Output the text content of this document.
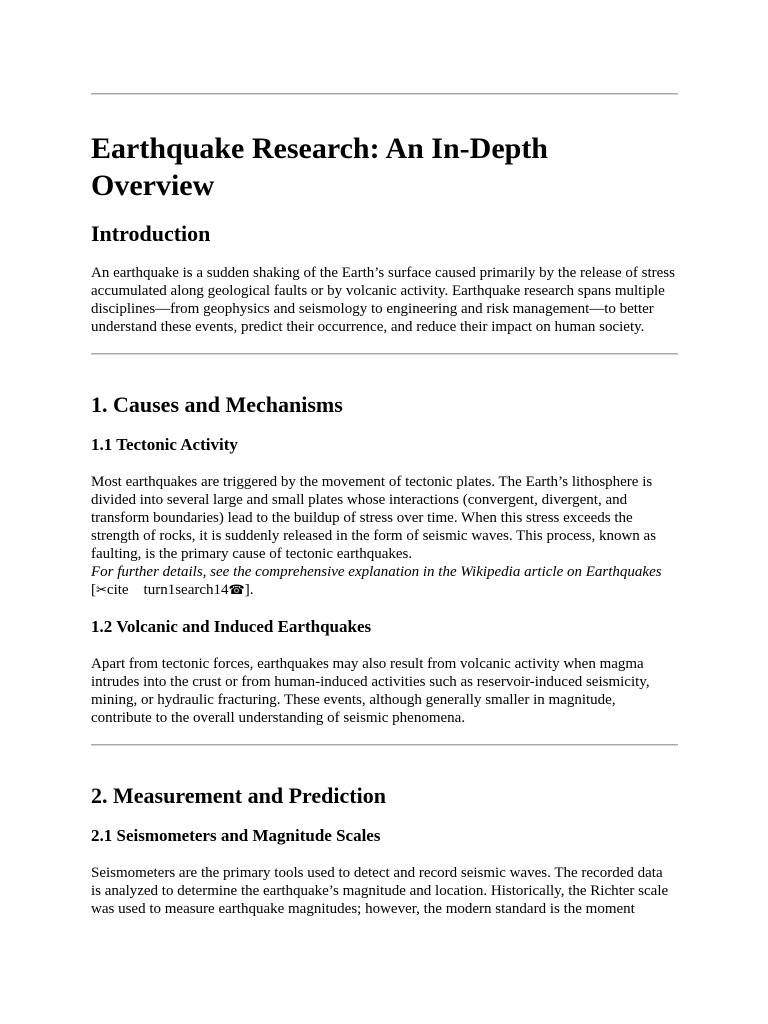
Earthquake Research: An In-Depth
Overview
Introduction
An earthquake is a sudden shaking of the Earth’s surface caused primarily by the release of stress
accumulated along geological faults or by volcanic activity. Earthquake research spans multiple
disciplines—from geophysics and seismology to engineering and risk management—to better
understand these events, predict their occurrence, and reduce their impact on human society.
1. Causes and Mechanisms
1.1 Tectonic Activity
Most earthquakes are triggered by the movement of tectonic plates. The Earth’s lithosphere is
divided into several large and small plates whose interactions (convergent, divergent, and
transform boundaries) lead to the buildup of stress over time. When this stress exceeds the
strength of rocks, it is suddenly released in the form of seismic waves. This process, known as
faulting, is the primary cause of tectonic earthquakes.
For further details, see the comprehensive explanation in the Wikipedia article on Earthquakes
[✂cite    turn1search14☎].
1.2 Volcanic and Induced Earthquakes
Apart from tectonic forces, earthquakes may also result from volcanic activity when magma
intrudes into the crust or from human-induced activities such as reservoir-induced seismicity,
mining, or hydraulic fracturing. These events, although generally smaller in magnitude,
contribute to the overall understanding of seismic phenomena.
2. Measurement and Prediction
2.1 Seismometers and Magnitude Scales
Seismometers are the primary tools used to detect and record seismic waves. The recorded data
is analyzed to determine the earthquake’s magnitude and location. Historically, the Richter scale
was used to measure earthquake magnitudes; however, the modern standard is the moment
